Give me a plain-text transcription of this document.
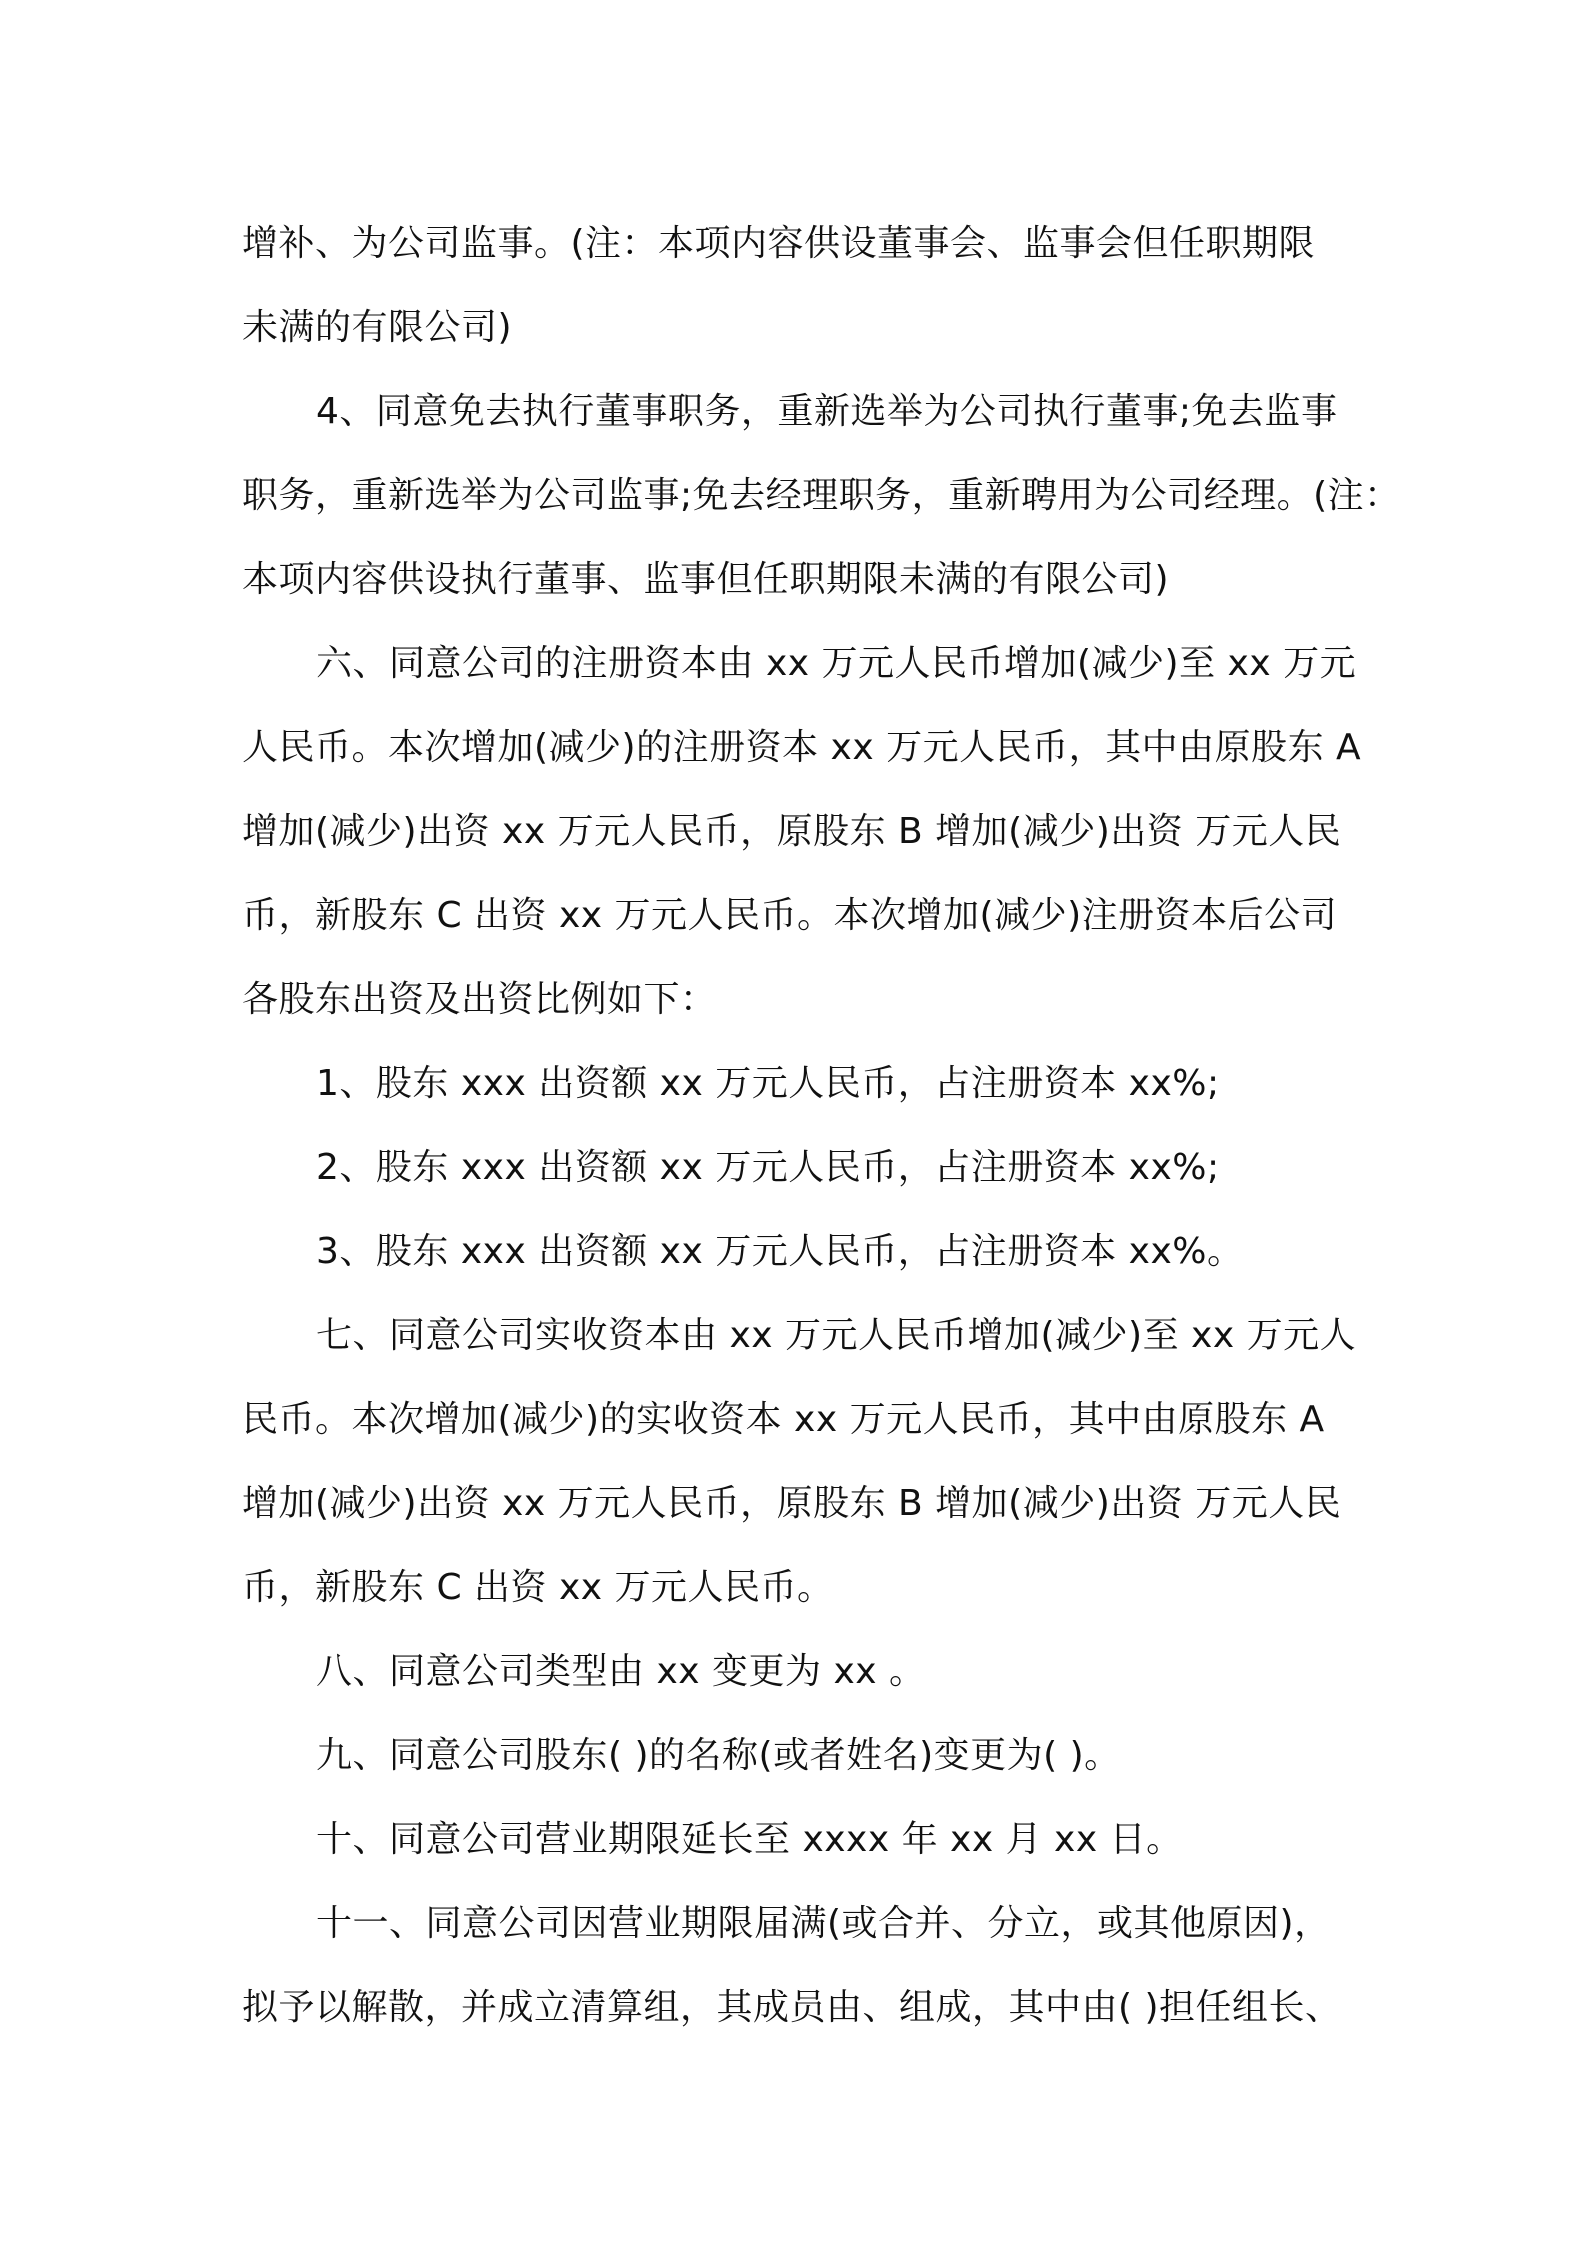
增补、为公司监事。(注：本项内容供设董事会、监事会但任职期限
未满的有限公司)
4、同意免去执行董事职务，重新选举为公司执行董事;免去监事
职务，重新选举为公司监事;免去经理职务，重新聘用为公司经理。(注：
本项内容供设执行董事、监事但任职期限未满的有限公司)
六、同意公司的注册资本由 xx 万元人民币增加(减少)至 xx 万元
人民币。本次增加(减少)的注册资本 xx 万元人民币，其中由原股东 A
增加(减少)出资 xx 万元人民币，原股东 B 增加(减少)出资 万元人民
币，新股东 C 出资 xx 万元人民币。本次增加(减少)注册资本后公司
各股东出资及出资比例如下：
1、股东 xxx 出资额 xx 万元人民币，占注册资本 xx%;
2、股东 xxx 出资额 xx 万元人民币，占注册资本 xx%;
3、股东 xxx 出资额 xx 万元人民币，占注册资本 xx%。
七、同意公司实收资本由 xx 万元人民币增加(减少)至 xx 万元人
民币。本次增加(减少)的实收资本 xx 万元人民币，其中由原股东 A
增加(减少)出资 xx 万元人民币，原股东 B 增加(减少)出资 万元人民
币，新股东 C 出资 xx 万元人民币。
八、同意公司类型由 xx 变更为 xx 。
九、同意公司股东( )的名称(或者姓名)变更为( )。
十、同意公司营业期限延长至 xxxx 年 xx 月 xx 日。
十一、同意公司因营业期限届满(或合并、分立，或其他原因)，
拟予以解散，并成立清算组，其成员由、组成，其中由( )担任组长、
